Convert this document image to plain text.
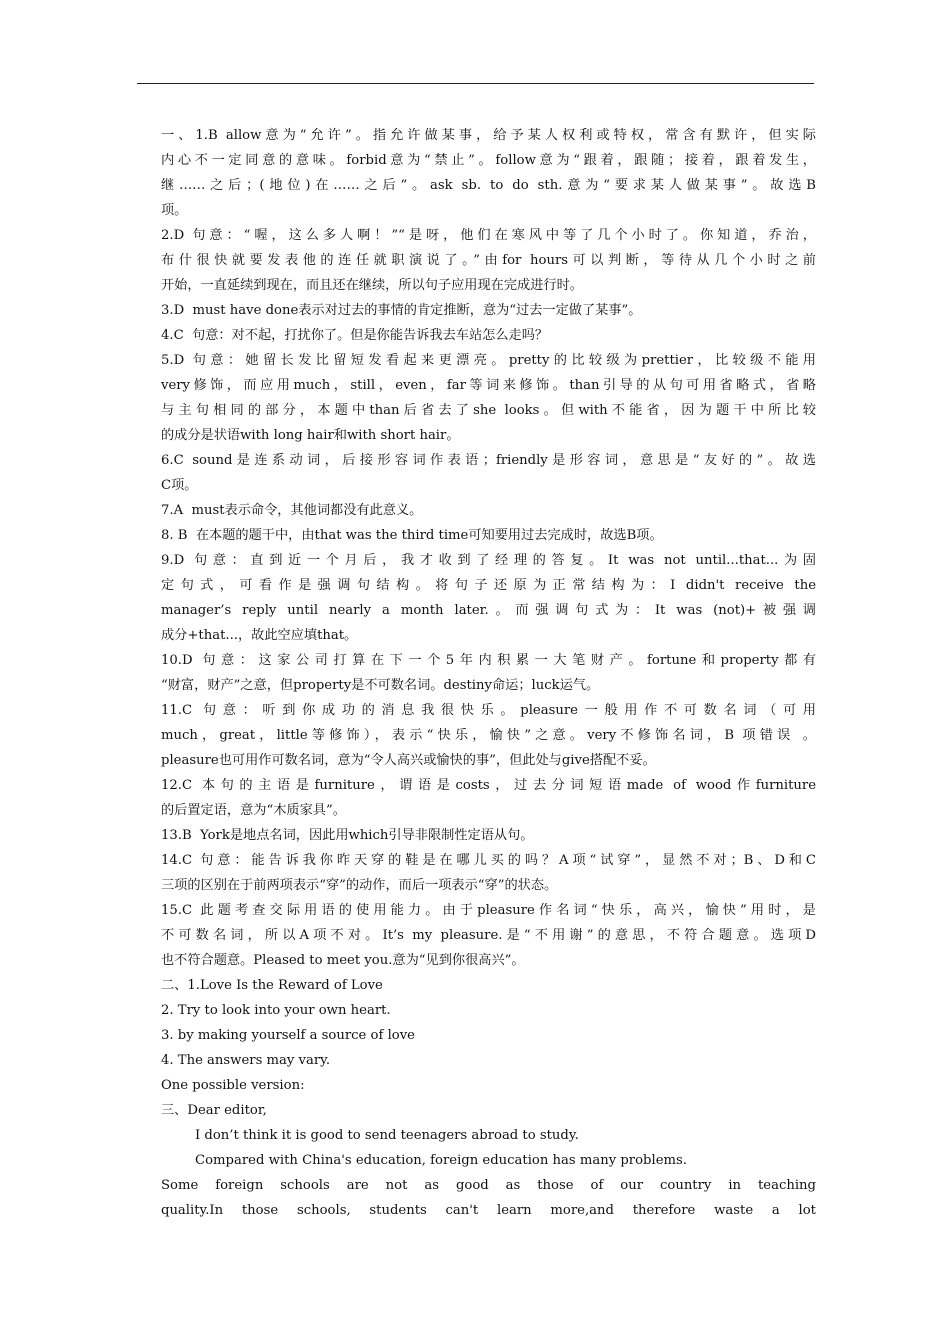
一、1.B allow意为“允许”。指允许做某事，给予某人权利或特权，常含有默许，但实际
内心不一定同意的意味。forbid意为“禁止”。follow意为“跟着，跟随；接着，跟着发生，
继……之后；(地位)在……之后”。ask sb. to do sth.意为“要求某人做某事”。故选B
项。
2.D 句意：“喔，这么多人啊！”“是呀，他们在寒风中等了几个小时了。你知道，乔治，
布什很快就要发表他的连任就职演说了。”由for hours可以判断，等待从几个小时之前
开始，一直延续到现在，而且还在继续，所以句子应用现在完成进行时。
3.D  must have done表示对过去的事情的肯定推断，意为“过去一定做了某事”。
4.C  句意：对不起，打扰你了。但是你能告诉我去车站怎么走吗？
5.D 句意：她留长发比留短发看起来更漂亮。pretty的比较级为prettier，比较级不能用
very修饰，而应用much，still，even，far等词来修饰。than引导的从句可用省略式，省略
与主句相同的部分，本题中than后省去了she looks。但with不能省，因为题干中所比较
的成分是状语with long hair和with short hair。
6.C sound是连系动词，后接形容词作表语；friendly是形容词，意思是“友好的”。故选
C项。
7.A  must表示命令，其他词都没有此意义。
8. B  在本题的题干中，由that was the third time可知要用过去完成时，故选B项。
9.D 句意：直到近一个月后，我才收到了经理的答复。It was not until...that...为固
定句式，可看作是强调句结构。将句子还原为正常结构为：I didn't receive the
manager’s reply until nearly a month later.。而强调句式为：It was (not)+被强调
成分+that...，故此空应填that。
10.D 句意：这家公司打算在下一个5年内积累一大笔财产。fortune和property都有
“财富，财产”之意，但property是不可数名词。destiny命运；luck运气。
11.C 句意：听到你成功的消息我很快乐。pleasure一般用作不可数名词（可用
much，great，little等修饰），表示“快乐，愉快”之意。very不修饰名词，B 项错误 。
pleasure也可用作可数名词，意为“令人高兴或愉快的事”，但此处与give搭配不妥。
12.C 本句的主语是furniture，谓语是costs，过去分词短语made of wood作furniture
的后置定语，意为“木质家具”。
13.B  York是地点名词，因此用which引导非限制性定语从句。
14.C 句意：能告诉我你昨天穿的鞋是在哪儿买的吗？A项“试穿”，显然不对；B、D和C
三项的区别在于前两项表示“穿”的动作，而后一项表示“穿”的状态。
15.C 此题考查交际用语的使用能力。由于pleasure作名词“快乐，高兴，愉快”用时，是
不可数名词，所以A项不对。It’s my pleasure.是“不用谢”的意思，不符合题意。选项D
也不符合题意。Pleased to meet you.意为“见到你很高兴”。
二、1.Love Is the Reward of Love
2. Try to look into your own heart.
3. by making yourself a source of love
4. The answers may vary.
One possible version:
三、Dear editor,
I don’t think it is good to send teenagers abroad to study.
Compared with China's education, foreign education has many problems.
Some foreign schools are not as good as those of our country in teaching
quality.In those schools, students can't learn more,and therefore waste a lot
